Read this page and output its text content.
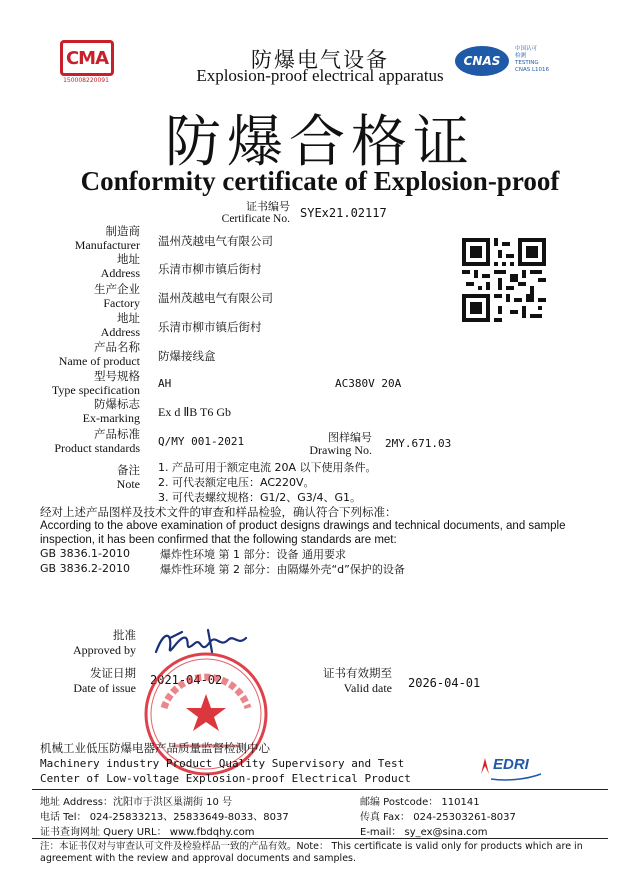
CMA
150008220091
CNAS
中国认可
检测
TESTING
CNAS L1016
防爆电气设备
Explosion-proof electrical apparatus
防爆合格证
Conformity certificate of Explosion-proof
证书编号
Certificate No. SYEx21.02117
制造商
Manufacturer 温州茂越电气有限公司
地址
Address 乐清市柳市镇后街村
生产企业
Factory 温州茂越电气有限公司
地址
Address 乐清市柳市镇后街村
产品名称
Name of product 防爆接线盒
型号规格
Type specification AH	AC380V 20A
防爆标志
Ex-marking Ex d ⅡB T6 Gb
产品标准
Product standards Q/MY 001-2021	图样编号
Drawing No. 2MY.671.03
备注
Note
1. 产品可用于额定电流 20A 以下使用条件。
2. 可代表额定电压：AC220V。
3. 可代表螺纹规格：G1/2、G3/4、G1。
经对上述产品图样及技术文件的审查和样品检验，确认符合下列标准：
According to the above examination of product designs drawings and technical documents, and sample inspection, it has been confirmed that the following standards are met:
GB 3836.1-2010	爆炸性环境 第 1 部分：设备 通用要求
GB 3836.2-2010	爆炸性环境 第 2 部分：由隔爆外壳“d”保护的设备
批准
Approved by
发证日期
Date of issue
2021-04-02	证书有效期至
Valid date 2026-04-01
机械工业低压防爆电器产品质量监督检测中心
Machinery industry Product Quality Supervisory and Test
Center of Low-voltage Explosion-proof Electrical Product
EDRI
地址 Address：沈阳市于洪区巢湖街 10 号	邮编 Postcode： 110141
电话 Tel： 024-25833213、25833649-8033、8037	传真 Fax： 024-25303261-8037
证书查询网址 Query URL： www.fbdqhy.com	E-mail： sy_ex@sina.com
注：本证书仅对与审查认可文件及检验样品一致的产品有效。Note： This certificate is valid only for products which are in agreement with the review and approval documents and samples.
